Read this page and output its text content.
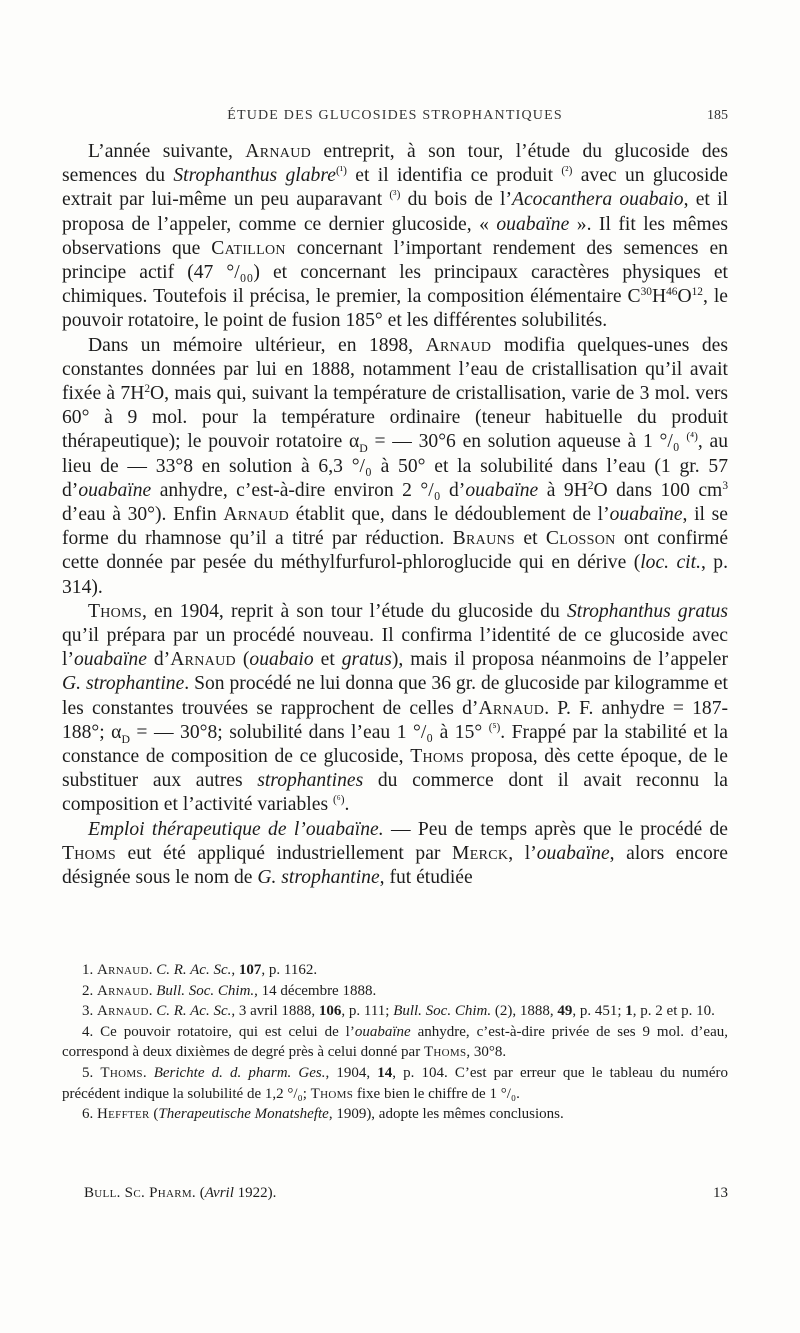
ÉTUDE DES GLUCOSIDES STROPHANTIQUES	185

L’année suivante, Arnaud entreprit, à son tour, l’étude du glucoside des semences du Strophanthus glabre$^{(^1)}$ et il identifia ce produit $^{(^2)}$ avec un glucoside extrait par lui-même un peu auparavant $^{(^3)}$ du bois de l’Acocanthera ouabaio, et il proposa de l’appeler, comme ce dernier glucoside, « ouabaïne ». Il fit les mêmes observations que Catillon concernant l’important rendement des semences en principe actif (47 °/₀₀) et concernant les principaux caractères physiques et chimiques. Toutefois il précisa, le premier, la composition élémentaire $C^{30}H^{46}O^{12}$, le pouvoir rotatoire, le point de fusion 185° et les différentes solubilités.

Dans un mémoire ultérieur, en 1898, Arnaud modifia quelques-unes des constantes données par lui en 1888, notamment l’eau de cristallisation qu’il avait fixée à $7H^2O$, mais qui, suivant la température de cristallisation, varie de 3 mol. vers 60° à 9 mol. pour la température ordinaire (teneur habituelle du produit thérapeutique); le pouvoir rotatoire $\alpha_D$ = — 30°6 en solution aqueuse à 1 °/₀ $^{(^4)}$, au lieu de — 33°8 en solution à 6,3 °/₀ à 50° et la solubilité dans l’eau (1 gr. 57 d’ouabaïne anhydre, c’est-à-dire environ 2 °/₀ d’ouabaïne à $9H^2O$ dans 100 $cm^3$ d’eau à 30°). Enfin Arnaud établit que, dans le dédoublement de l’ouabaïne, il se forme du rhamnose qu’il a titré par réduction. Brauns et Closson ont confirmé cette donnée par pesée du méthylfurfurol-phloroglucide qui en dérive (loc. cit., p. 314).

Thoms, en 1904, reprit à son tour l’étude du glucoside du Strophanthus gratus qu’il prépara par un procédé nouveau. Il confirma l’identité de ce glucoside avec l’ouabaïne d’Arnaud (ouabaio et gratus), mais il proposa néanmoins de l’appeler G. strophantine. Son procédé ne lui donna que 36 gr. de glucoside par kilogramme et les constantes trouvées se rapprochent de celles d’Arnaud. P. F. anhydre = 187-188°; $\alpha_D$ = — 30°8; solubilité dans l’eau 1 °/₀ à 15° $^{(^5)}$. Frappé par la stabilité et la constance de composition de ce glucoside, Thoms proposa, dès cette époque, de le substituer aux autres strophantines du commerce dont il avait reconnu la composition et l’activité variables $^{(^6)}$.

Emploi thérapeutique de l’ouabaïne. — Peu de temps après que le procédé de Thoms eut été appliqué industriellement par Merck, l’ouabaïne, alors encore désignée sous le nom de G. strophantine, fut étudiée

1. Arnaud. C. R. Ac. Sc., 107, p. 1162.

2. Arnaud. Bull. Soc. Chim., 14 décembre 1888.

3. Arnaud. C. R. Ac. Sc., 3 avril 1888, 106, p. 111; Bull. Soc. Chim. (2), 1888, 49, p. 451; 1, p. 2 et p. 10.

4. Ce pouvoir rotatoire, qui est celui de l’ouabaïne anhydre, c’est-à-dire privée de ses 9 mol. d’eau, correspond à deux dixièmes de degré près à celui donné par Thoms, 30°8.

5. Thoms. Berichte d. d. pharm. Ges., 1904, 14, p. 104. C’est par erreur que le tableau du numéro précédent indique la solubilité de 1,2 °/₀; Thoms fixe bien le chiffre de 1 °/₀.

6. Heffter (Therapeutische Monatshefte, 1909), adopte les mêmes conclusions.

Bull. Sc. Pharm. (Avril 1922).	13
